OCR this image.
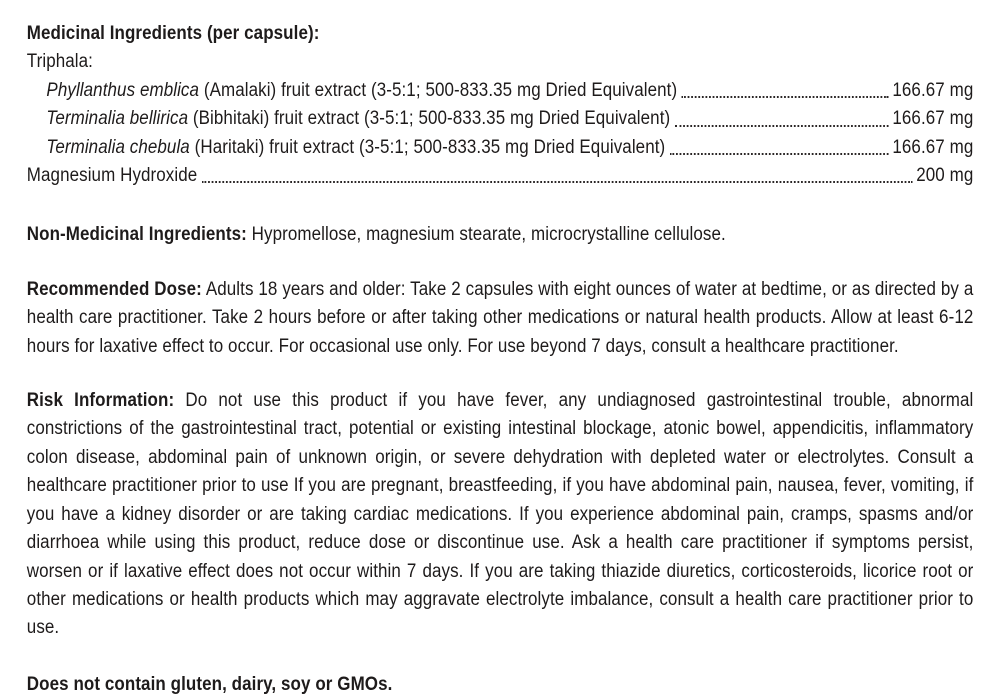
Medicinal Ingredients (per capsule):
Triphala:
Phyllanthus emblica (Amalaki) fruit extract (3-5:1; 500-833.35 mg Dried Equivalent)	166.67 mg
Terminalia bellirica (Bibhitaki) fruit extract (3-5:1; 500-833.35 mg Dried Equivalent)	166.67 mg
Terminalia chebula (Haritaki) fruit extract (3-5:1; 500-833.35 mg Dried Equivalent)	166.67 mg
Magnesium Hydroxide	200 mg

Non-Medicinal Ingredients: Hypromellose, magnesium stearate, microcrystalline cellulose.

Recommended Dose: Adults 18 years and older: Take 2 capsules with eight ounces of water at bedtime, or as directed by a health care practitioner. Take 2 hours before or after taking other medications or natural health products. Allow at least 6-12 hours for laxative effect to occur. For occasional use only. For use beyond 7 days, consult a healthcare practitioner.

Risk Information: Do not use this product if you have fever, any undiagnosed gastrointestinal trouble, abnormal constrictions of the gastrointestinal tract, potential or existing intestinal blockage, atonic bowel, appendicitis, inflammatory colon disease, abdominal pain of unknown origin, or severe dehydration with depleted water or electrolytes. Consult a healthcare practitioner prior to use If you are pregnant, breastfeeding, if you have abdominal pain, nausea, fever, vomiting, if you have a kidney disorder or are taking cardiac medications. If you experience abdominal pain, cramps, spasms and/or diarrhoea while using this product, reduce dose or discontinue use. Ask a health care practitioner if symptoms persist, worsen or if laxative effect does not occur within 7 days. If you are taking thiazide diuretics, corticosteroids, licorice root or other medications or health products which may aggravate electrolyte imbalance, consult a health care practitioner prior to use.

Does not contain gluten, dairy, soy or GMOs.
